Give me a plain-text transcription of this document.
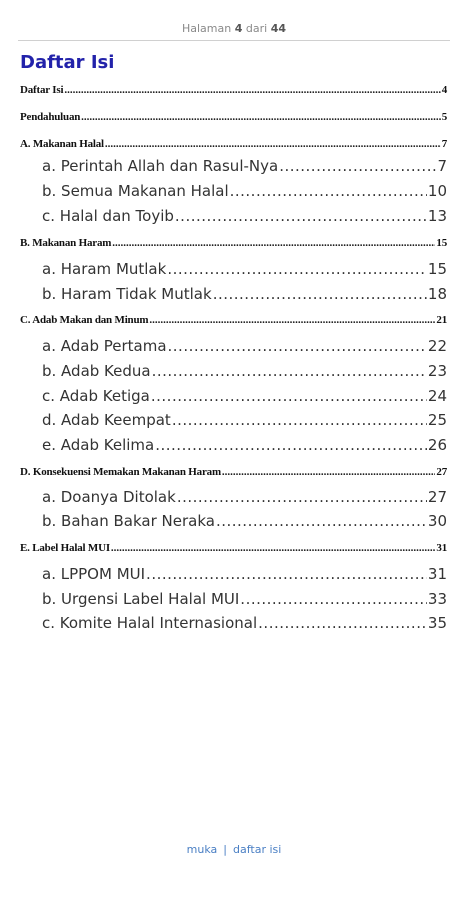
Halaman 4 dari 44
Daftar Isi
Daftar Isi .....	4
Pendahuluan .....	5
A. Makanan Halal .....	7
a. Perintah Allah dan Rasul-Nya .....	7
b. Semua Makanan Halal .....	10
c. Halal dan Toyib .....	13
B. Makanan Haram .....	15
a. Haram Mutlak .....	15
b. Haram Tidak Mutlak .....	18
C. Adab Makan dan Minum .....	21
a. Adab Pertama .....	22
b. Adab Kedua .....	23
c. Adab Ketiga .....	24
d. Adab Keempat .....	25
e. Adab Kelima .....	26
D. Konsekuensi Memakan Makanan Haram .....	27
a. Doanya Ditolak .....	27
b. Bahan Bakar Neraka .....	30
E. Label Halal MUI .....	31
a. LPPOM MUI .....	31
b. Urgensi Label Halal MUI .....	33
c. Komite Halal Internasional .....	35
muka | daftar isi
